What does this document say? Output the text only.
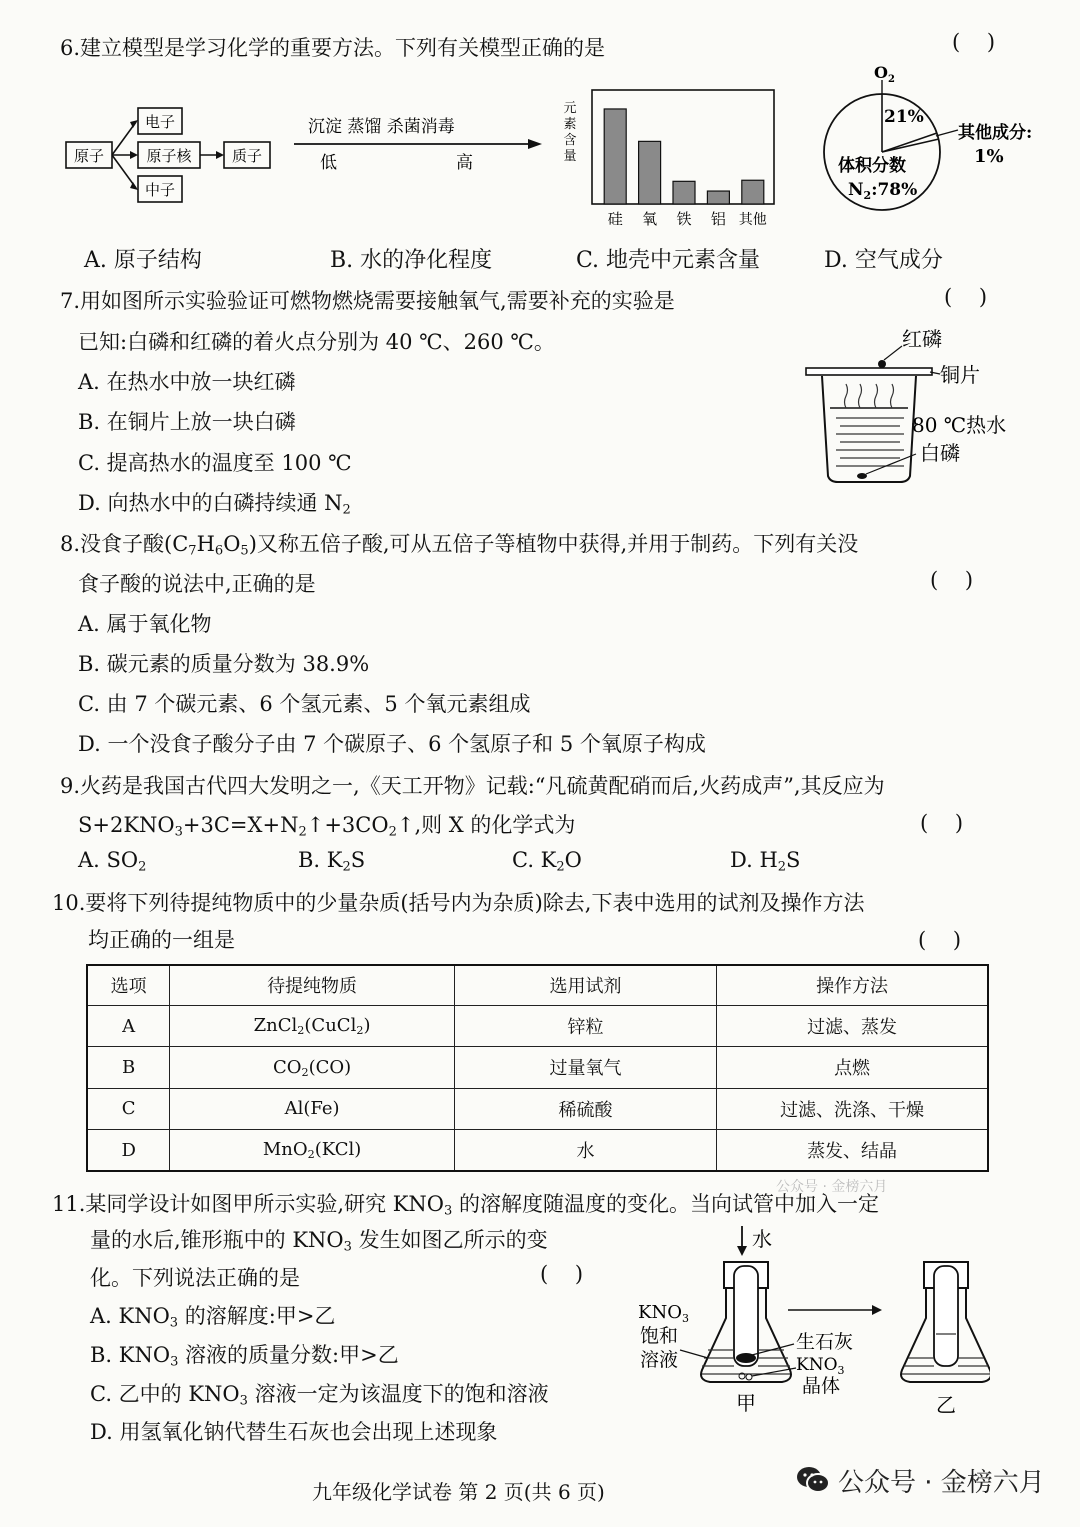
6.建立模型是学习化学的重要方法。下列有关模型正确的是	(    )
原子
电子
原子核
中子
质子
沉淀 蒸馏 杀菌消毒
低	高
元
素
含
量
硅 氧 铁 铝 其他
$O_2$
21%
其他成分:
1%
体积分数
$N_2:78\%$
A. 原子结构	B. 水的净化程度	C. 地壳中元素含量	D. 空气成分
7.用如图所示实验验证可燃物燃烧需要接触氧气,需要补充的实验是	(    )
已知:白磷和红磷的着火点分别为 40 ℃、260 ℃。
A. 在热水中放一块红磷
B. 在铜片上放一块白磷
C. 提高热水的温度至 100 ℃
D. 向热水中的白磷持续通 $N_2$
红磷
铜片
80 ℃热水
白磷
8.没食子酸$(C_7H_6O_5)$又称五倍子酸,可从五倍子等植物中获得,并用于制药。下列有关没
食子酸的说法中,正确的是	(    )
A. 属于氧化物
B. 碳元素的质量分数为 38.9%
C. 由 7 个碳元素、6 个氢元素、5 个氧元素组成
D. 一个没食子酸分子由 7 个碳原子、6 个氢原子和 5 个氧原子构成
9.火药是我国古代四大发明之一,《天工开物》记载:“凡硫黄配硝而后,火药成声”,其反应为
$S+2KNO_3+3C=X+N_2↑+3CO_2↑$,则 X 的化学式为	(    )
A. $SO_2$	B. $K_2S$	C. $K_2O$	D. $H_2S$
10.要将下列待提纯物质中的少量杂质(括号内为杂质)除去,下表中选用的试剂及操作方法
均正确的一组是	(    )
选项	待提纯物质	选用试剂	操作方法
A	ZnCl$_2$(CuCl$_2$)	锌粒	过滤、蒸发
B	$CO_2(CO)$	过量氧气	点燃
C	Al(Fe)	稀硫酸	过滤、洗涤、干燥
D	MnO$_2$(KCl)	水	蒸发、结晶
公众号 · 金榜六月
11.某同学设计如图甲所示实验,研究 $KNO_3$ 的溶解度随温度的变化。当向试管中加入一定
量的水后,锥形瓶中的 $KNO_3$ 发生如图乙所示的变
化。下列说法正确的是	(    )
A. $KNO_3$ 的溶解度:甲>乙
B. $KNO_3$ 溶液的质量分数:甲>乙
C. 乙中的 $KNO_3$ 溶液一定为该温度下的饱和溶液
D. 用氢氧化钠代替生石灰也会出现上述现象
水
$KNO_3$
饱和
溶液
生石灰
$KNO_3$
晶体
甲	乙
九年级化学试卷 第 2 页(共 6 页)	公众号 · 金榜六月
